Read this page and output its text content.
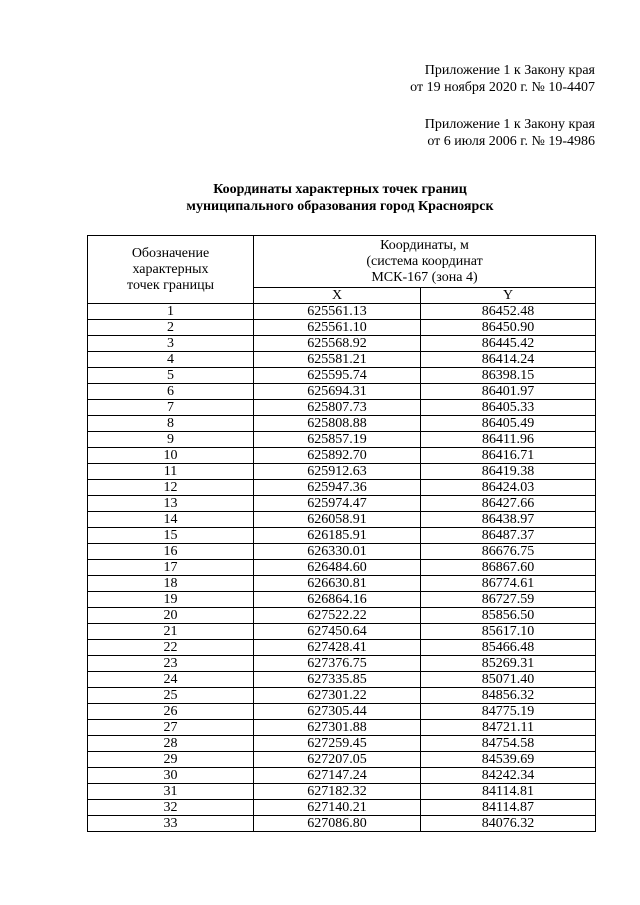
Приложение 1 к Закону края
от 19 ноября 2020 г. № 10-4407
Приложение 1 к Закону края
от 6 июля 2006 г. № 19-4986
Координаты характерных точек границ
муниципального образования город Красноярск
Обозначение
характерных
точек границы	Координаты, м
(система координат
МСК-167 (зона 4)	
	X	Y
1	625561.13	86452.48
2	625561.10	86450.90
3	625568.92	86445.42
4	625581.21	86414.24
5	625595.74	86398.15
6	625694.31	86401.97
7	625807.73	86405.33
8	625808.88	86405.49
9	625857.19	86411.96
10	625892.70	86416.71
11	625912.63	86419.38
12	625947.36	86424.03
13	625974.47	86427.66
14	626058.91	86438.97
15	626185.91	86487.37
16	626330.01	86676.75
17	626484.60	86867.60
18	626630.81	86774.61
19	626864.16	86727.59
20	627522.22	85856.50
21	627450.64	85617.10
22	627428.41	85466.48
23	627376.75	85269.31
24	627335.85	85071.40
25	627301.22	84856.32
26	627305.44	84775.19
27	627301.88	84721.11
28	627259.45	84754.58
29	627207.05	84539.69
30	627147.24	84242.34
31	627182.32	84114.81
32	627140.21	84114.87
33	627086.80	84076.32
